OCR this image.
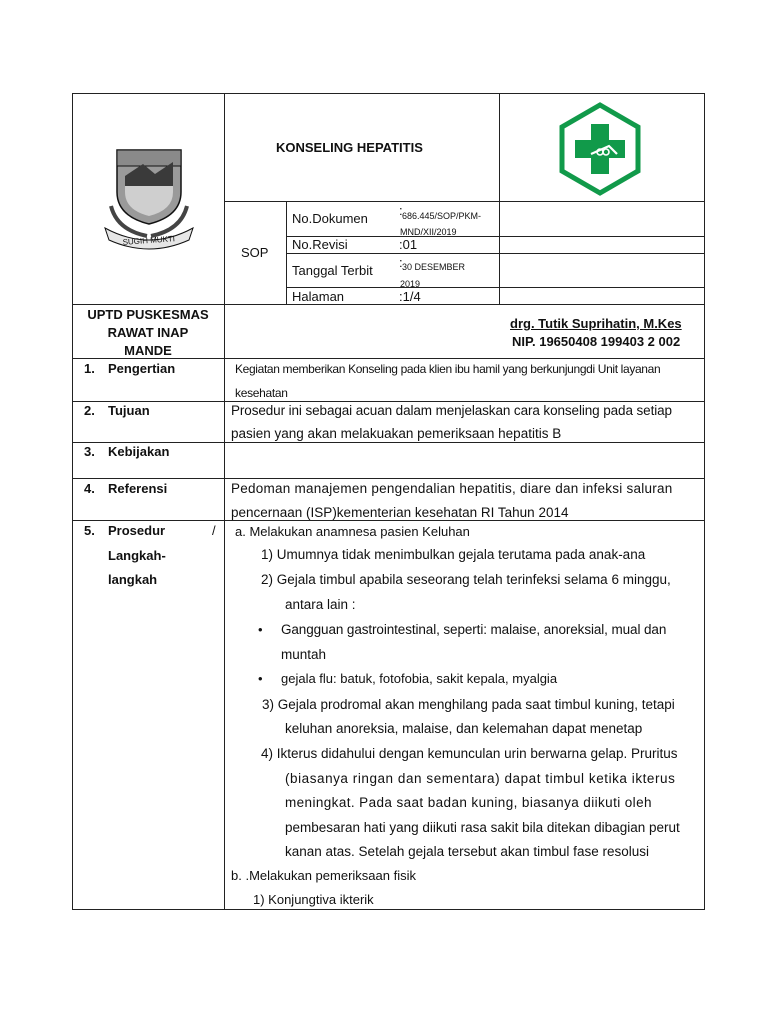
SUGIH MUKTI
KONSELING HEPATITIS
SOP
No.Dokumen
: 686.445/SOP/PKM-
MND/XII/2019
No.Revisi	:01
Tanggal Terbit
: 30 DESEMBER
2019
Halaman	:1/4
UPTD PUSKESMAS
RAWAT INAP
MANDE
drg. Tutik Suprihatin, M.Kes
NIP. 19650408 199403 2 002
1. Pengertian	Kegiatan memberikan Konseling pada klien ibu hamil yang berkunjungdi Unit layanan
kesehatan
2. Tujuan	Prosedur ini sebagai acuan dalam menjelaskan cara konseling pada setiap
pasien yang akan melakuakan pemeriksaan hepatitis B
3. Kebijakan
4. Referensi	Pedoman manajemen pengendalian hepatitis, diare dan infeksi saluran
pencernaan (ISP)kementerian kesehatan RI Tahun 2014
5. Prosedur	/
Langkah-
langkah
a. Melakukan anamnesa pasien Keluhan
1) Umumnya tidak menimbulkan gejala terutama pada anak-ana
2) Gejala timbul apabila seseorang telah terinfeksi selama 6 minggu,
antara lain :
• Gangguan gastrointestinal, seperti: malaise, anoreksial, mual dan
muntah
• gejala flu: batuk, fotofobia, sakit kepala, myalgia
3) Gejala prodromal akan menghilang pada saat timbul kuning, tetapi
keluhan anoreksia, malaise, dan kelemahan dapat menetap
4) Ikterus didahului dengan kemunculan urin berwarna gelap. Pruritus
(biasanya ringan dan sementara) dapat timbul ketika ikterus
meningkat. Pada saat badan kuning, biasanya diikuti oleh
pembesaran hati yang diikuti rasa sakit bila ditekan dibagian perut
kanan atas. Setelah gejala tersebut akan timbul fase resolusi
b. .Melakukan pemeriksaan fisik
1) Konjungtiva ikterik
